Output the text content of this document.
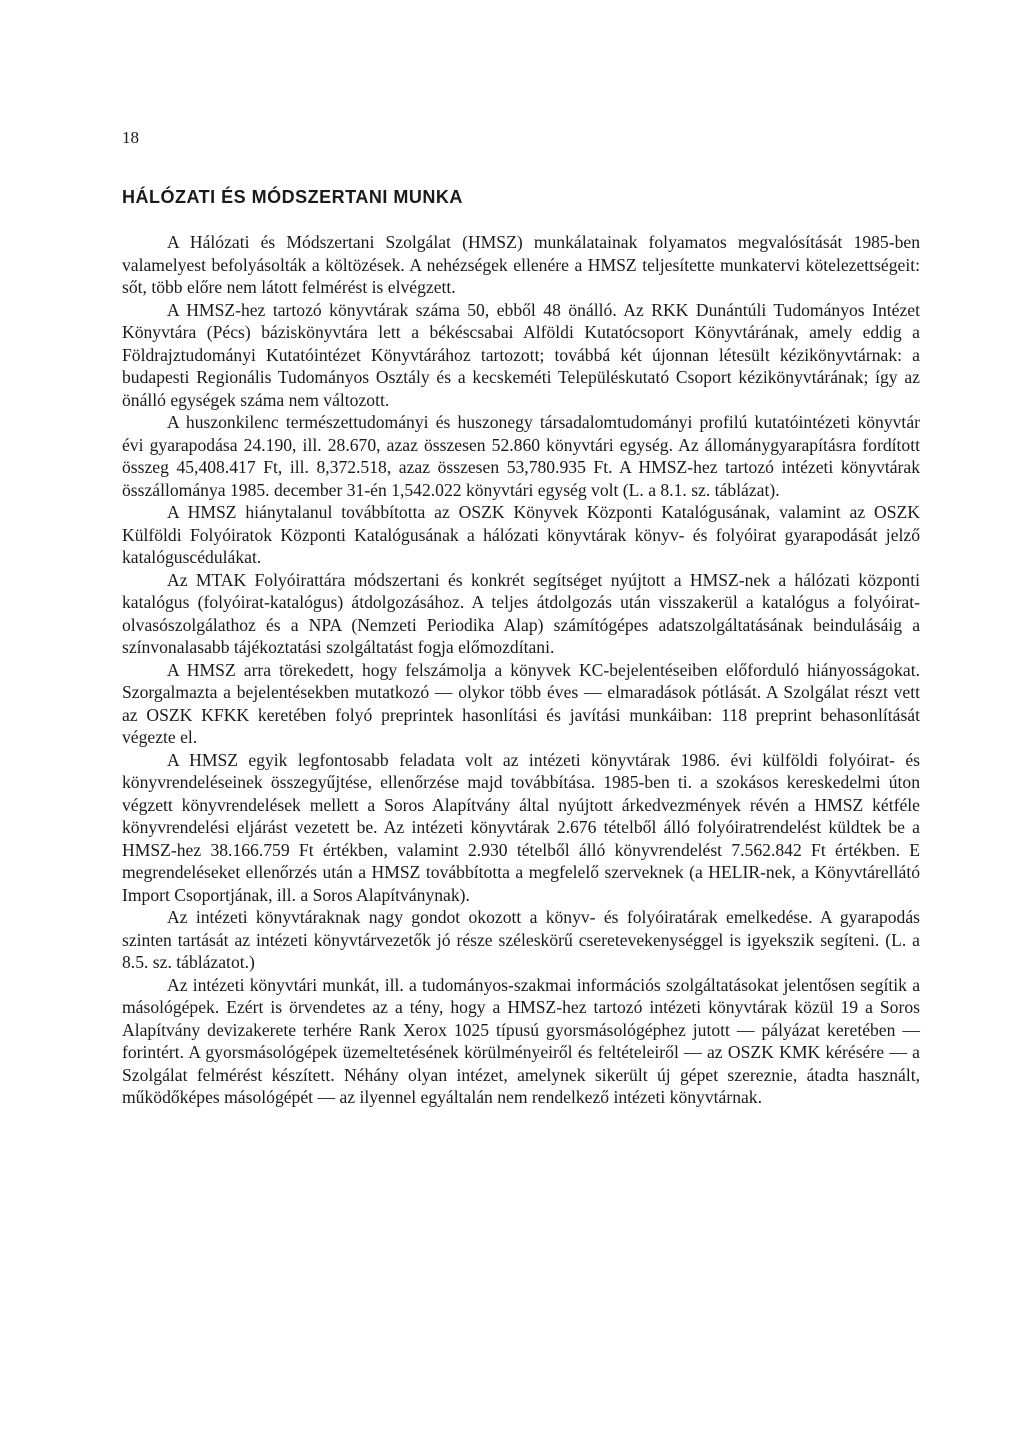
18
HÁLÓZATI ÉS MÓDSZERTANI MUNKA

A Hálózati és Módszertani Szolgálat (HMSZ) munkálatainak folyamatos megvalósítását 1985-ben valamelyest befolyásolták a költözések. A nehézségek ellenére a HMSZ teljesítette munkatervi kötelezettségeit: sőt, több előre nem látott felmérést is elvégzett.

A HMSZ-hez tartozó könyvtárak száma 50, ebből 48 önálló. Az RKK Dunántúli Tudományos Intézet Könyvtára (Pécs) báziskönyvtára lett a békéscsabai Alföldi Kutatócsoport Könyvtárának, amely eddig a Földrajztudományi Kutatóintézet Könyvtárához tartozott; továbbá két újonnan létesült kézikönyvtárnak: a budapesti Regionális Tudományos Osztály és a kecskeméti Településkutató Csoport kézikönyvtárának; így az önálló egységek száma nem változott.

A huszonkilenc természettudományi és huszonegy társadalomtudományi profilú kutatóintézeti könyvtár évi gyarapodása 24.190, ill. 28.670, azaz összesen 52.860 könyvtári egység. Az állománygyarapításra fordított összeg 45,408.417 Ft, ill. 8,372.518, azaz összesen 53,780.935 Ft. A HMSZ-hez tartozó intézeti könyvtárak összállománya 1985. december 31-én 1,542.022 könyvtári egység volt (L. a 8.1. sz. táblázat).

A HMSZ hiánytalanul továbbította az OSZK Könyvek Központi Katalógusának, valamint az OSZK Külföldi Folyóiratok Központi Katalógusának a hálózati könyvtárak könyv- és folyóirat gyarapodását jelző katalóguscédulákat.

Az MTAK Folyóirattára módszertani és konkrét segítséget nyújtott a HMSZ-nek a hálózati központi katalógus (folyóirat-katalógus) átdolgozásához. A teljes átdolgozás után visszakerül a katalógus a folyóirat-olvasószolgálathoz és a NPA (Nemzeti Periodika Alap) számítógépes adatszolgáltatásának beindulásáig a színvonalasabb tájékoztatási szolgáltatást fogja előmozdítani.

A HMSZ arra törekedett, hogy felszámolja a könyvek KC-bejelentéseiben előforduló hiányosságokat. Szorgalmazta a bejelentésekben mutatkozó — olykor több éves — elmaradások pótlását. A Szolgálat részt vett az OSZK KFKK keretében folyó preprintek hasonlítási és javítási munkáiban: 118 preprint behasonlítását végezte el.

A HMSZ egyik legfontosabb feladata volt az intézeti könyvtárak 1986. évi külföldi folyóirat- és könyvrendeléseinek összegyűjtése, ellenőrzése majd továbbítása. 1985-ben ti. a szokásos kereskedelmi úton végzett könyvrendelések mellett a Soros Alapítvány által nyújtott árkedvezmények révén a HMSZ kétféle könyvrendelési eljárást vezetett be. Az intézeti könyvtárak 2.676 tételből álló folyóiratrendelést küldtek be a HMSZ-hez 38.166.759 Ft értékben, valamint 2.930 tételből álló könyvrendelést 7.562.842 Ft értékben. E megrendeléseket ellenőrzés után a HMSZ továbbította a megfelelő szerveknek (a HELIR-nek, a Könyvtárellátó Import Csoportjának, ill. a Soros Alapítványnak).

Az intézeti könyvtáraknak nagy gondot okozott a könyv- és folyóiratárak emelkedése. A gyarapodás szinten tartását az intézeti könyvtárvezetők jó része széleskörű cseretevekenységgel is igyekszik segíteni. (L. a 8.5. sz. táblázatot.)

Az intézeti könyvtári munkát, ill. a tudományos-szakmai információs szolgáltatásokat jelentősen segítik a másológépek. Ezért is örvendetes az a tény, hogy a HMSZ-hez tartozó intézeti könyvtárak közül 19 a Soros Alapítvány devizakerete terhére Rank Xerox 1025 típusú gyorsmásológéphez jutott — pályázat keretében — forintért. A gyorsmásológépek üzemeltetésének körülményeiről és feltételeiről — az OSZK KMK kérésére — a Szolgálat felmérést készített. Néhány olyan intézet, amelynek sikerült új gépet szereznie, átadta használt, működőképes másológépét — az ilyennel egyáltalán nem rendelkező intézeti könyvtárnak.
